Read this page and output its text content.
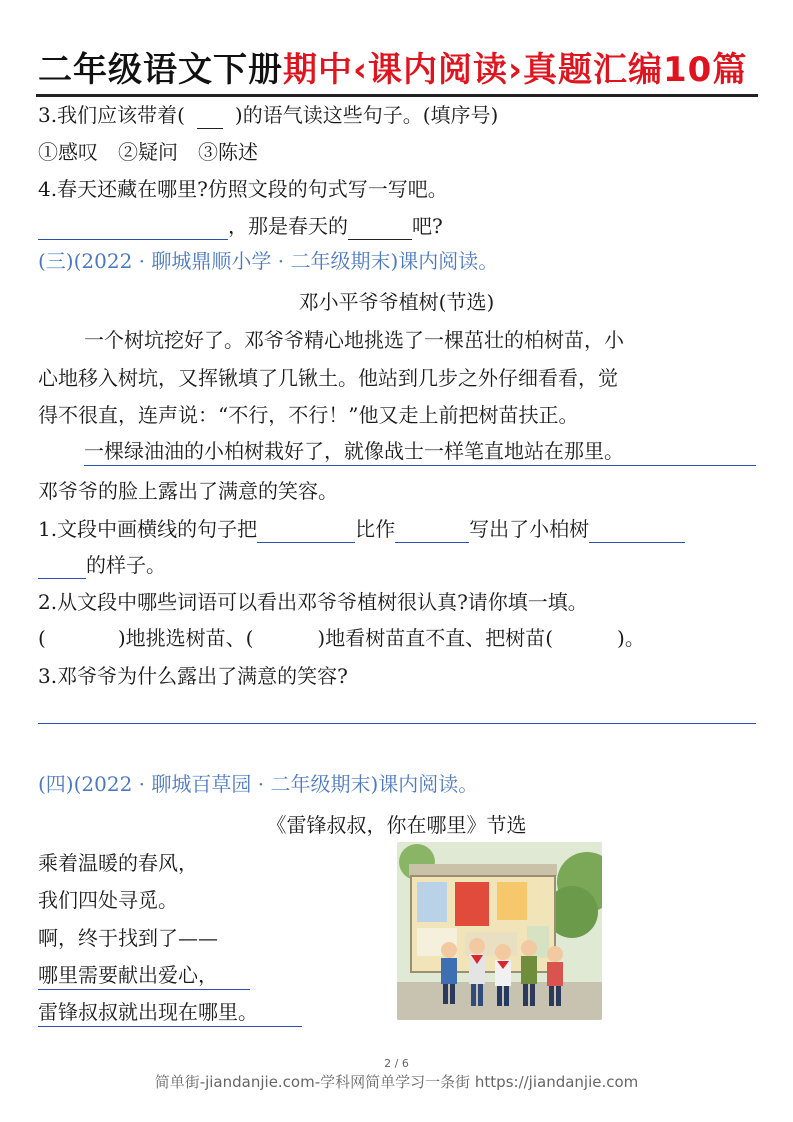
二年级语文下册期中‹课内阅读›真题汇编10篇
3.我们应该带着(	)的语气读这些句子。(填序号)
①感叹　②疑问　③陈述
4.春天还藏在哪里?仿照文段的句式写一写吧。
，那是春天的	吧?
(三)(2022 · 聊城鼎顺小学 · 二年级期末)课内阅读。
邓小平爷爷植树(节选)
一个树坑挖好了。邓爷爷精心地挑选了一棵茁壮的柏树苗，小
心地移入树坑，又挥锹填了几锹土。他站到几步之外仔细看看，觉
得不很直，连声说：“不行，不行！”他又走上前把树苗扶正。
一棵绿油油的小柏树栽好了，就像战士一样笔直地站在那里。
邓爷爷的脸上露出了满意的笑容。
1.文段中画横线的句子把	比作	写出了小柏树
的样子。
2.从文段中哪些词语可以看出邓爷爷植树很认真?请你填一填。
(	)地挑选树苗、(	)地看树苗直不直、把树苗(	)。
3.邓爷爷为什么露出了满意的笑容?
(四)(2022 · 聊城百草园 · 二年级期末)课内阅读。
《雷锋叔叔，你在哪里》节选
乘着温暖的春风，
我们四处寻觅。
啊，终于找到了——
哪里需要献出爱心，
雷锋叔叔就出现在哪里。
2 / 6
简单街-jiandanjie.com-学科网简单学习一条街 https://jiandanjie.com
